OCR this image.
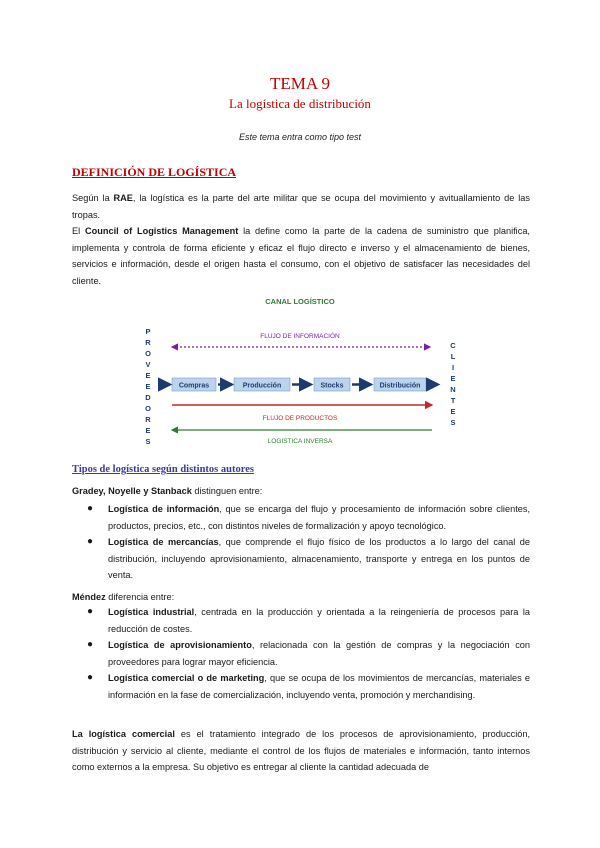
TEMA 9
La logística de distribución
Este tema entra como tipo test
DEFINICIÓN DE LOGÍSTICA
Según la RAE, la logística es la parte del arte militar que se ocupa del movimiento y avituallamiento de las tropas.
El Council of Logistics Management la define como la parte de la cadena de suministro que planifica, implementa y controla de forma eficiente y eficaz el flujo directo e inverso y el almacenamiento de bienes, servicios e información, desde el origen hasta el consumo, con el objetivo de satisfacer las necesidades del cliente.
CANAL LOGÍSTICO
P
R
O
V
E
E
D
O
R
E
S
C
L
I
E
N
T
E
S
FLUJO DE INFORMACIÓN
Compras	Producción	Stocks	Distribución
FLUJO DE PRODUCTOS
LOGISTICA INVERSA
Tipos de logística según distintos autores
Gradey, Noyelle y Stanback distinguen entre:
● Logística de información, que se encarga del flujo y procesamiento de información sobre clientes, productos, precios, etc., con distintos niveles de formalización y apoyo tecnológico.
● Logística de mercancías, que comprende el flujo físico de los productos a lo largo del canal de distribución, incluyendo aprovisionamiento, almacenamiento, transporte y entrega en los puntos de venta.
Méndez diferencia entre:
● Logística industrial, centrada en la producción y orientada a la reingeniería de procesos para la reducción de costes.
● Logística de aprovisionamiento, relacionada con la gestión de compras y la negociación con proveedores para lograr mayor eficiencia.
● Logística comercial o de marketing, que se ocupa de los movimientos de mercancías, materiales e información en la fase de comercialización, incluyendo venta, promoción y merchandising.
La logística comercial es el tratamiento integrado de los procesos de aprovisionamiento, producción, distribución y servicio al cliente, mediante el control de los flujos de materiales e información, tanto internos como externos a la empresa. Su objetivo es entregar al cliente la cantidad adecuada de
